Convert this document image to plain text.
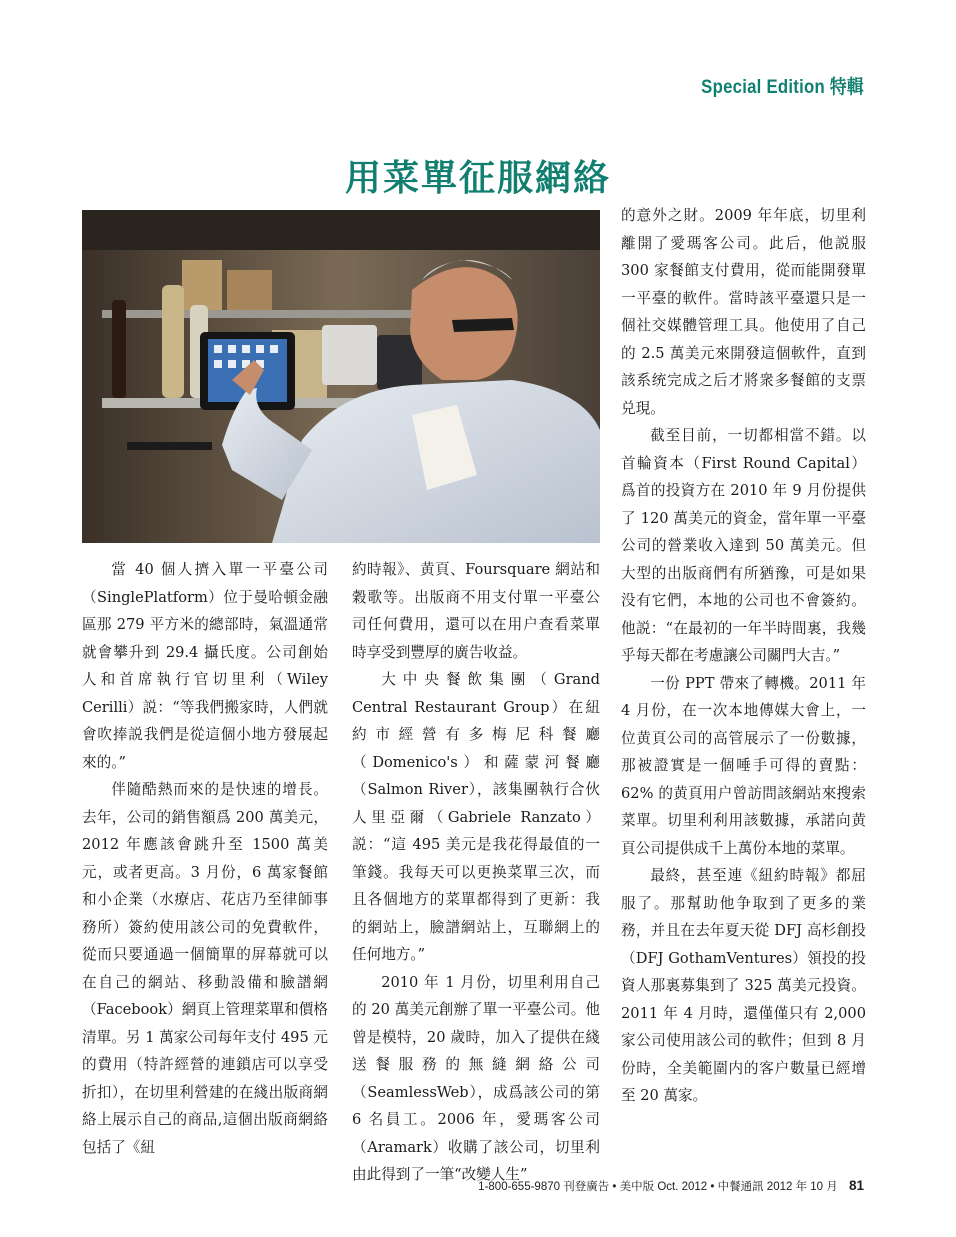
Special Edition 特輯
用菜單征服網絡

當 40 個人擠入單一平臺公司（SinglePlatform）位于曼哈頓金融區那 279 平方米的總部時，氣溫通常就會攀升到 29.4 攝氏度。公司創始人和首席執行官切里利（Wiley Cerilli）説：“等我們搬家時，人們就會吹捧説我們是從這個小地方發展起來的。”

伴隨酷熱而來的是快速的增長。去年，公司的銷售額爲 200 萬美元，2012 年應該會跳升至 1500 萬美元，或者更高。3 月份，6 萬家餐館和小企業（水療店、花店乃至律師事務所）簽約使用該公司的免費軟件，從而只要通過一個簡單的屏幕就可以在自己的網站、移動設備和臉譜網（Facebook）網頁上管理菜單和價格清單。另 1 萬家公司每年支付 495 元的費用（特許經營的連鎖店可以享受折扣），在切里利營建的在綫出版商網絡上展示自己的商品,這個出版商網絡包括了《紐

約時報》、黄頁、Foursquare 網站和穀歌等。出版商不用支付單一平臺公司任何費用，還可以在用户查看菜單時享受到豐厚的廣告收益。

大中央餐飲集團（Grand Central Restaurant Group）在紐約市經營有多梅尼科餐廳（Domenico's）和薩蒙河餐廳（Salmon River），該集團執行合伙人里亞爾（Gabriele Ranzato）説：“這 495 美元是我花得最值的一筆錢。我每天可以更换菜單三次，而且各個地方的菜單都得到了更新：我的網站上，臉譜網站上，互聯網上的任何地方。”

2010 年 1 月份，切里利用自己的 20 萬美元創辦了單一平臺公司。他曾是模特，20 歲時，加入了提供在綫送餐服務的無縫網絡公司（SeamlessWeb），成爲該公司的第 6 名員工。2006 年，愛瑪客公司（Aramark）收購了該公司，切里利由此得到了一筆“改變人生”

的意外之財。2009 年年底，切里利離開了愛瑪客公司。此后，他説服 300 家餐館支付費用，從而能開發單一平臺的軟件。當時該平臺還只是一個社交媒體管理工具。他使用了自己的 2.5 萬美元來開發這個軟件，直到該系统完成之后才將衆多餐館的支票兑現。

截至目前，一切都相當不錯。以首輪資本（First Round Capital）爲首的投資方在 2010 年 9 月份提供了 120 萬美元的資金，當年單一平臺公司的營業收入達到 50 萬美元。但大型的出版商們有所猶豫，可是如果没有它們，本地的公司也不會簽約。他説：“在最初的一年半時間裏，我幾乎每天都在考慮讓公司關門大吉。”

一份 PPT 帶來了轉機。2011 年 4 月份，在一次本地傳媒大會上，一位黄頁公司的高管展示了一份數據，那被證實是一個唾手可得的賣點：62% 的黄頁用户曾訪問該網站來搜索菜單。切里利利用該數據，承諾向黄頁公司提供成千上萬份本地的菜單。

最終，甚至連《紐約時報》都屈服了。那幫助他争取到了更多的業務，并且在去年夏天從 DFJ 高杉創投（DFJ GothamVentures）領投的投資人那裏募集到了 325 萬美元投資。2011 年 4 月時，還僅僅只有 2,000 家公司使用該公司的軟件；但到 8 月份時，全美範圍内的客户數量已經增至 20 萬家。

1-800-655-9870 刊登廣告 • 美中版 Oct. 2012 • 中餐通訊 2012 年 10 月 81
